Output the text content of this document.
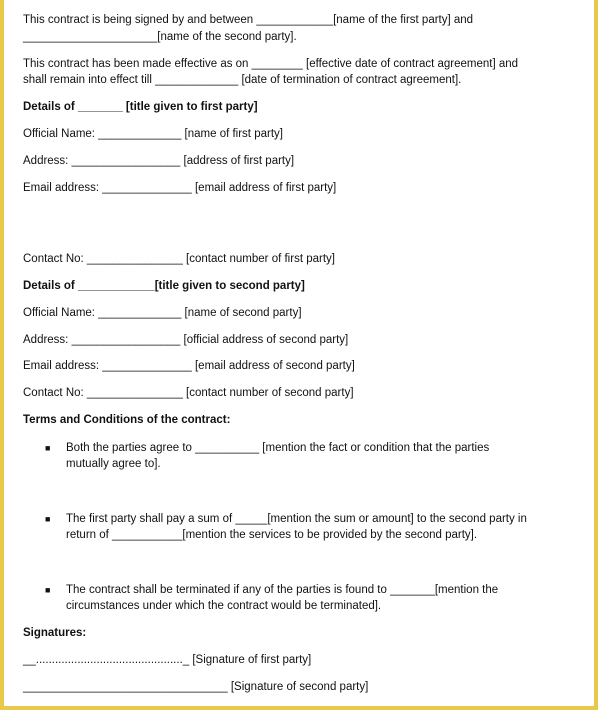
This contract is being signed by and between ____________[name of the first party] and
_____________________[name of the second party].
This contract has been made effective as on ________ [effective date of contract agreement] and
shall remain into effect till _____________ [date of termination of contract agreement].
Details of _______ [title given to first party]
Official Name: _____________ [name of first party]
Address: _________________ [address of first party]
Email address: ______________ [email address of first party]
Contact No: _______________ [contact number of first party]
Details of ____________[title given to second party]
Official Name: _____________ [name of second party]
Address: _________________ [official address of second party]
Email address: ______________ [email address of second party]
Contact No: _______________ [contact number of second party]
Terms and Conditions of the contract:
■ Both the parties agree to __________ [mention the fact or condition that the parties
mutually agree to].
■ The first party shall pay a sum of _____[mention the sum or amount] to the second party in
return of ___________[mention the services to be provided by the second party].
■ The contract shall be terminated if any of the parties is found to _______[mention the
circumstances under which the contract would be terminated].
Signatures:
__.............................................._ [Signature of first party]
________________________________ [Signature of second party]
